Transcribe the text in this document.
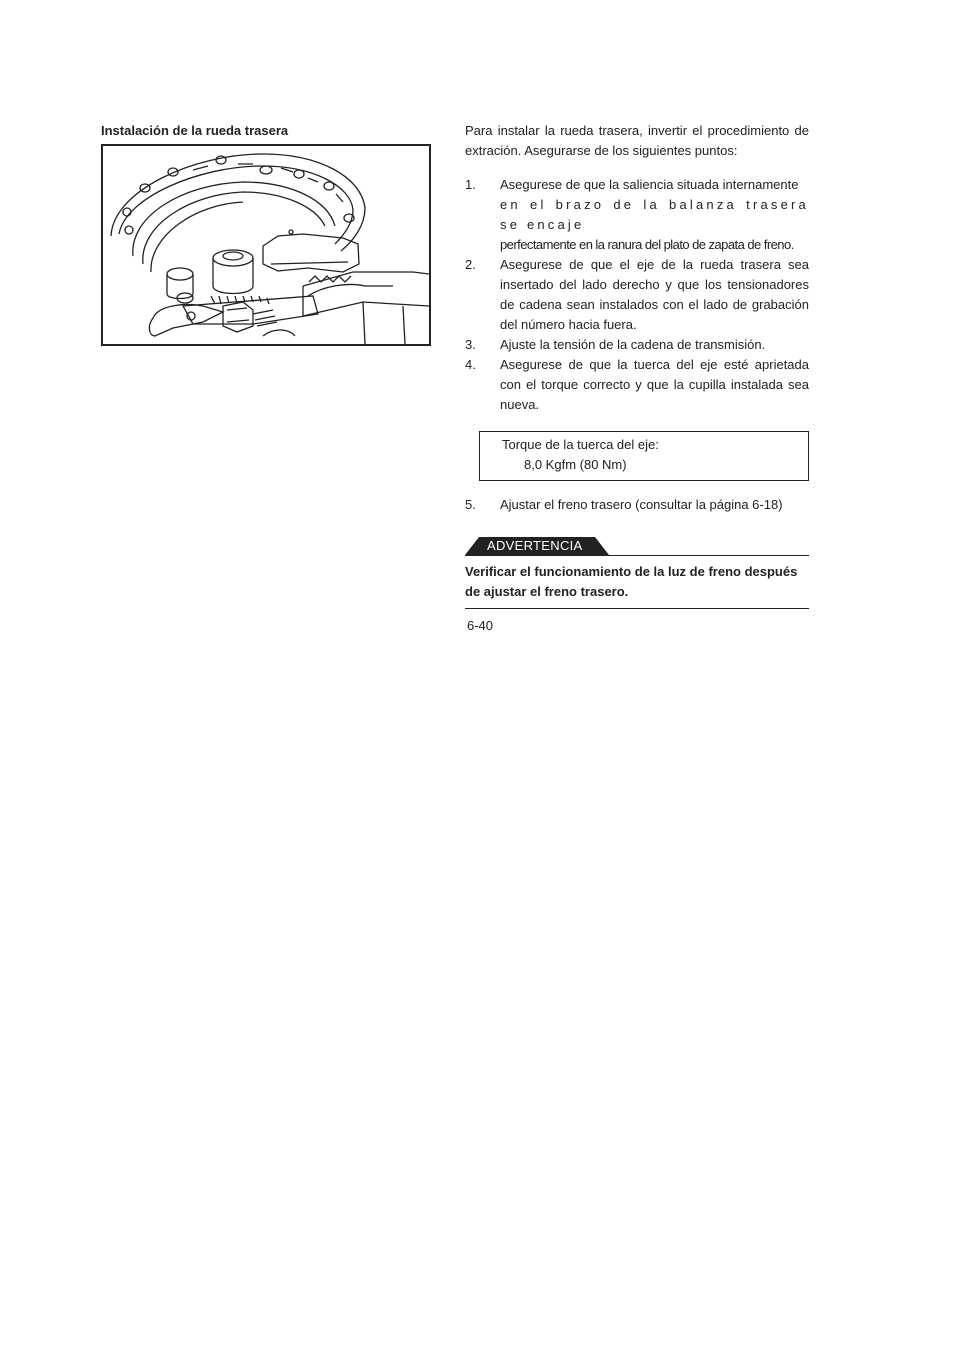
Instalación de la rueda trasera	Para instalar la rueda trasera, invertir el procedimiento de extración. Asegurarse de los siguientes puntos:

1. Asegurese de que la saliencia situada internamente
en el brazo de la balanza trasera se encaje
perfectamente en la ranura del plato de zapata de freno.
2. Asegurese de que el eje de la rueda trasera sea insertado del lado derecho y que los tensionadores de cadena sean instalados con el lado de grabación del número hacia fuera.
3. Ajuste la tensión de la cadena de transmisión.
4. Asegurese de que la tuerca del eje esté aprietada con el torque correcto y que la cupilla instalada sea nueva.
Torque de la tuerca del eje:
8,0 Kgfm (80 Nm)
5. Ajustar el freno trasero (consultar la página 6-18)
ADVERTENCIA
Verificar el funcionamiento de la luz de freno después de ajustar el freno trasero.
6-40
